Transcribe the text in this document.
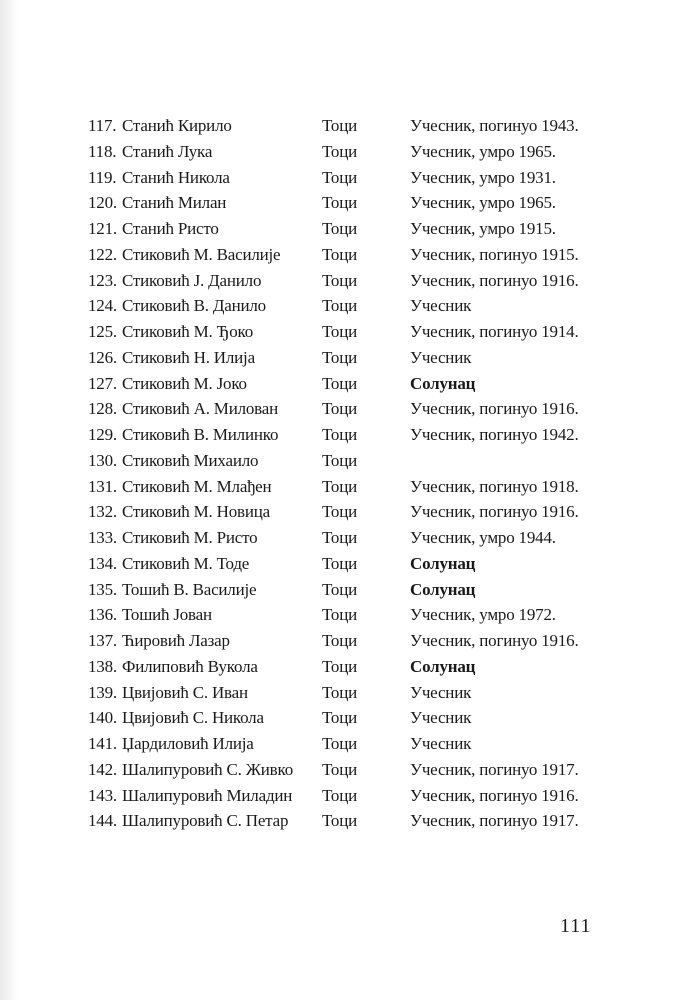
117. Станић Кирило	Тоци	Учесник, погинуо 1943.
118. Станић Лука	Тоци	Учесник, умро 1965.
119. Станић Никола	Тоци	Учесник, умро 1931.
120. Станић Милан	Тоци	Учесник, умро 1965.
121. Станић Ристо	Тоци	Учесник, умро 1915.
122. Стиковић М. Василије Тоци	Учесник, погинуо 1915.
123. Стиковић Ј. Данило	Тоци	Учесник, погинуо 1916.
124. Стиковић В. Данило	Тоци	Учесник
125. Стиковић М. Ђоко	Тоци	Учесник, погинуо 1914.
126. Стиковић Н. Илија	Тоци	Учесник
127. Стиковић М. Јоко	Тоци	Солунац
128. Стиковић А. Милован	Тоци	Учесник, погинуо 1916.
129. Стиковић В. Милинко	Тоци	Учесник, погинуо 1942.
130. Стиковић Михаило	Тоци
131. Стиковић М. Млађен	Тоци	Учесник, погинуо 1918.
132. Стиковић М. Новица	Тоци	Учесник, погинуо 1916.
133. Стиковић М. Ристо	Тоци	Учесник, умро 1944.
134. Стиковић М. Тоде	Тоци	Солунац
135. Тошић В. Василије	Тоци	Солунац
136. Тошић Јован	Тоци	Учесник, умро 1972.
137. Ћировић Лазар	Тоци	Учесник, погинуо 1916.
138. Филиповић Вукола	Тоци	Солунац
139. Цвијовић С. Иван	Тоци	Учесник
140. Цвијовић С. Никола	Тоци	Учесник
141. Џардиловић Илија	Тоци	Учесник
142. Шалипуровић С. Живко Тоци	Учесник, погинуо 1917.
143. Шалипуровић Миладин Тоци	Учесник, погинуо 1916.
144. Шалипуровић С. Петар Тоци	Учесник, погинуо 1917.
111
